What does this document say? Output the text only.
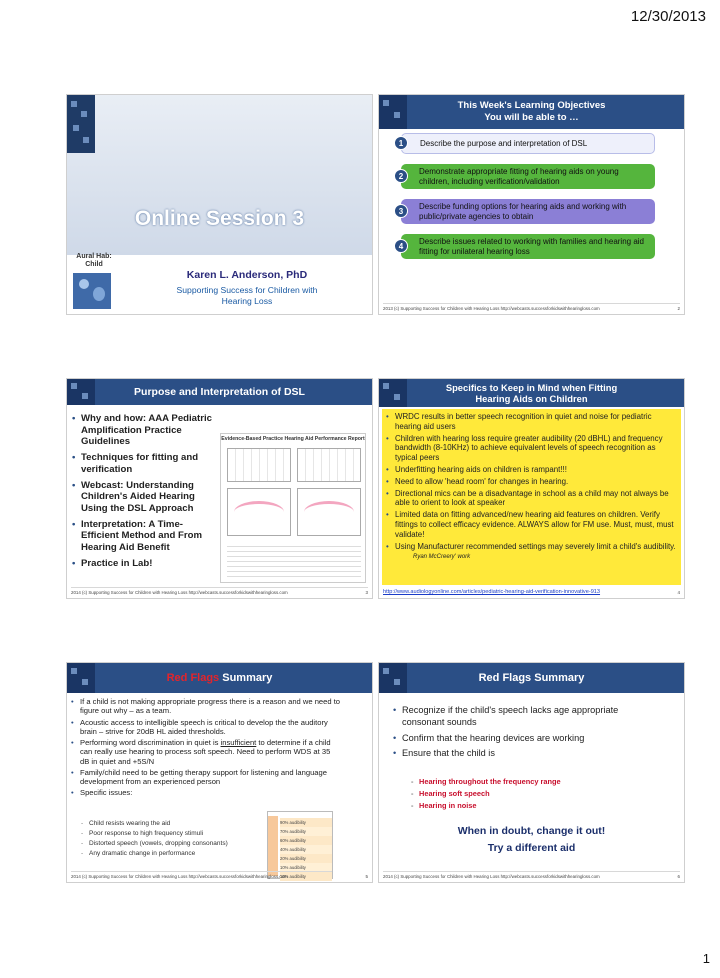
12/30/2013
Online Session 3
Aural Hab:
Child
Karen L. Anderson, PhD
Supporting Success for Children with
Hearing Loss
This Week's Learning Objectives
You will be able to …
Describe the purpose and interpretation of DSL
1
Demonstrate appropriate fitting of hearing aids on young children, including verification/validation
2
Describe funding options for hearing aids and working with public/private agencies to obtain
3
Describe issues related to working with families and hearing aid fitting for unilateral hearing loss
4
2013 (c) Supporting Success for Children with Hearing Loss http://webcasts.successforkidswithhearingloss.com	2
Purpose and Interpretation of DSL
• Why and how: AAA Pediatric Amplification Practice Guidelines
• Techniques for fitting and verification
• Webcast: Understanding Children's Aided Hearing Using the DSL Approach
• Interpretation: A Time-Efficient Method and From Hearing Aid Benefit
• Practice in Lab!
Evidence-Based Practice Hearing Aid Performance Report
2014 (c) Supporting Success for Children with Hearing Loss http://webcasts.successforkidswithhearingloss.com	3
Specifics to Keep in Mind when Fitting
Hearing Aids on Children
• WRDC results in better speech recognition in quiet and noise for pediatric hearing aid users
• Children with hearing loss require greater audibility (20 dBHL) and frequency bandwidth (8-10KHz) to achieve equivalent levels of speech recognition as typical peers
• Underfitting hearing aids on children is rampant!!!
• Need to allow 'head room' for changes in hearing.
• Directional mics can be a disadvantage in school as a child may not always be able to orient to look at speaker
• Limited data on fitting advanced/new hearing aid features on children. Verify fittings to collect efficacy evidence. ALWAYS allow for FM use. Must, must, must validate!
• Using Manufacturer recommended settings may severely limit a child's audibility. Ryan McCreery' work
http://www.audiologyonline.com/articles/pediatric-hearing-aid-verification-innovative-913	4
Red Flags Summary
• If a child is not making appropriate progress there is a reason and we need to figure out why – as a team.
• Acoustic access to intelligible speech is critical to develop the the auditory brain – strive for 20dB HL aided thresholds.
• Performing word discrimination in quiet is insufficient to determine if a child can really use hearing to process soft speech. Need to perform WDS at 35 dB in quiet and +5S/N
• Family/child need to be getting therapy support for listening and language development from an experienced person
• Specific issues:
- Child resists wearing the aid
- Poor response to high frequency stimuli
- Distorted speech (vowels, dropping consonants)
- Any dramatic change in performance
90% audibility
70% audibility
60% audibility
40% audibility
20% audibility
10% audibility
10% audibility
2014 (c) Supporting Success for Children with Hearing Loss http://webcasts.successforkidswithhearingloss.com	5
Red Flags Summary
• Recognize if the child's speech lacks age appropriate consonant sounds
• Confirm that the hearing devices are working
• Ensure that the child is
- Hearing throughout the frequency range
- Hearing soft speech
- Hearing in noise
When in doubt, change it out!
Try a different aid
2014 (c) Supporting Success for Children with Hearing Loss http://webcasts.successforkidswithhearingloss.com	6
1
